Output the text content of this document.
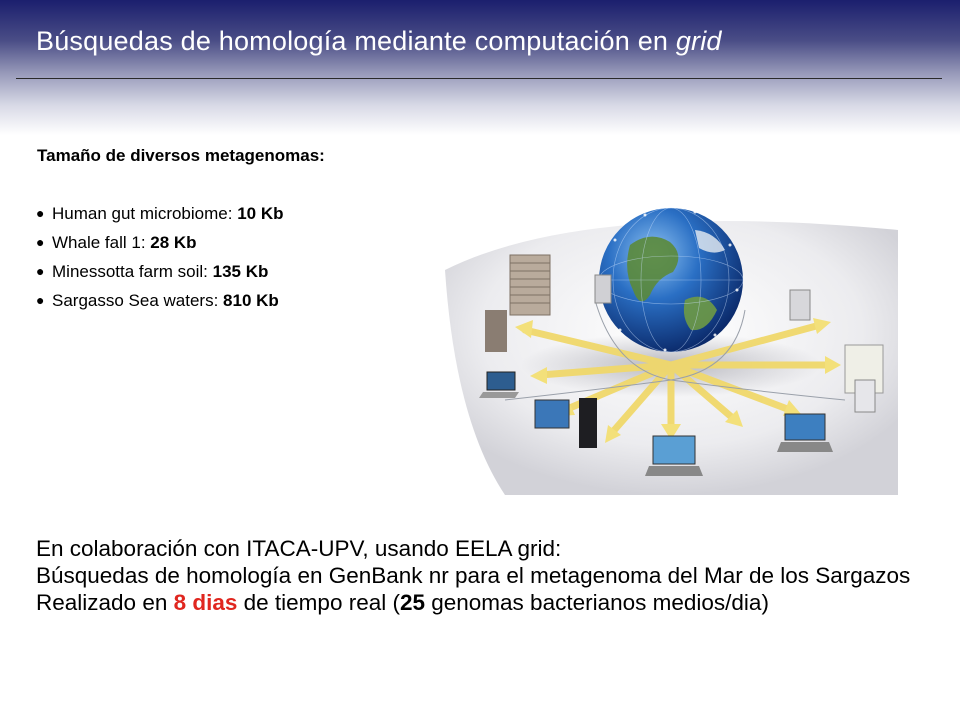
Búsquedas de homología mediante computación en grid
Tamaño de diversos metagenomas:
● Human gut microbiome: 10 Kb
● Whale fall 1: 28 Kb
● Minessotta farm soil: 135 Kb
● Sargasso Sea waters: 810 Kb

En colaboración con ITACA-UPV, usando EELA grid:

Búsquedas de homología en GenBank nr para el metagenoma del Mar de los Sargazos

Realizado en 8 dias de tiempo real (25 genomas bacterianos medios/dia)
